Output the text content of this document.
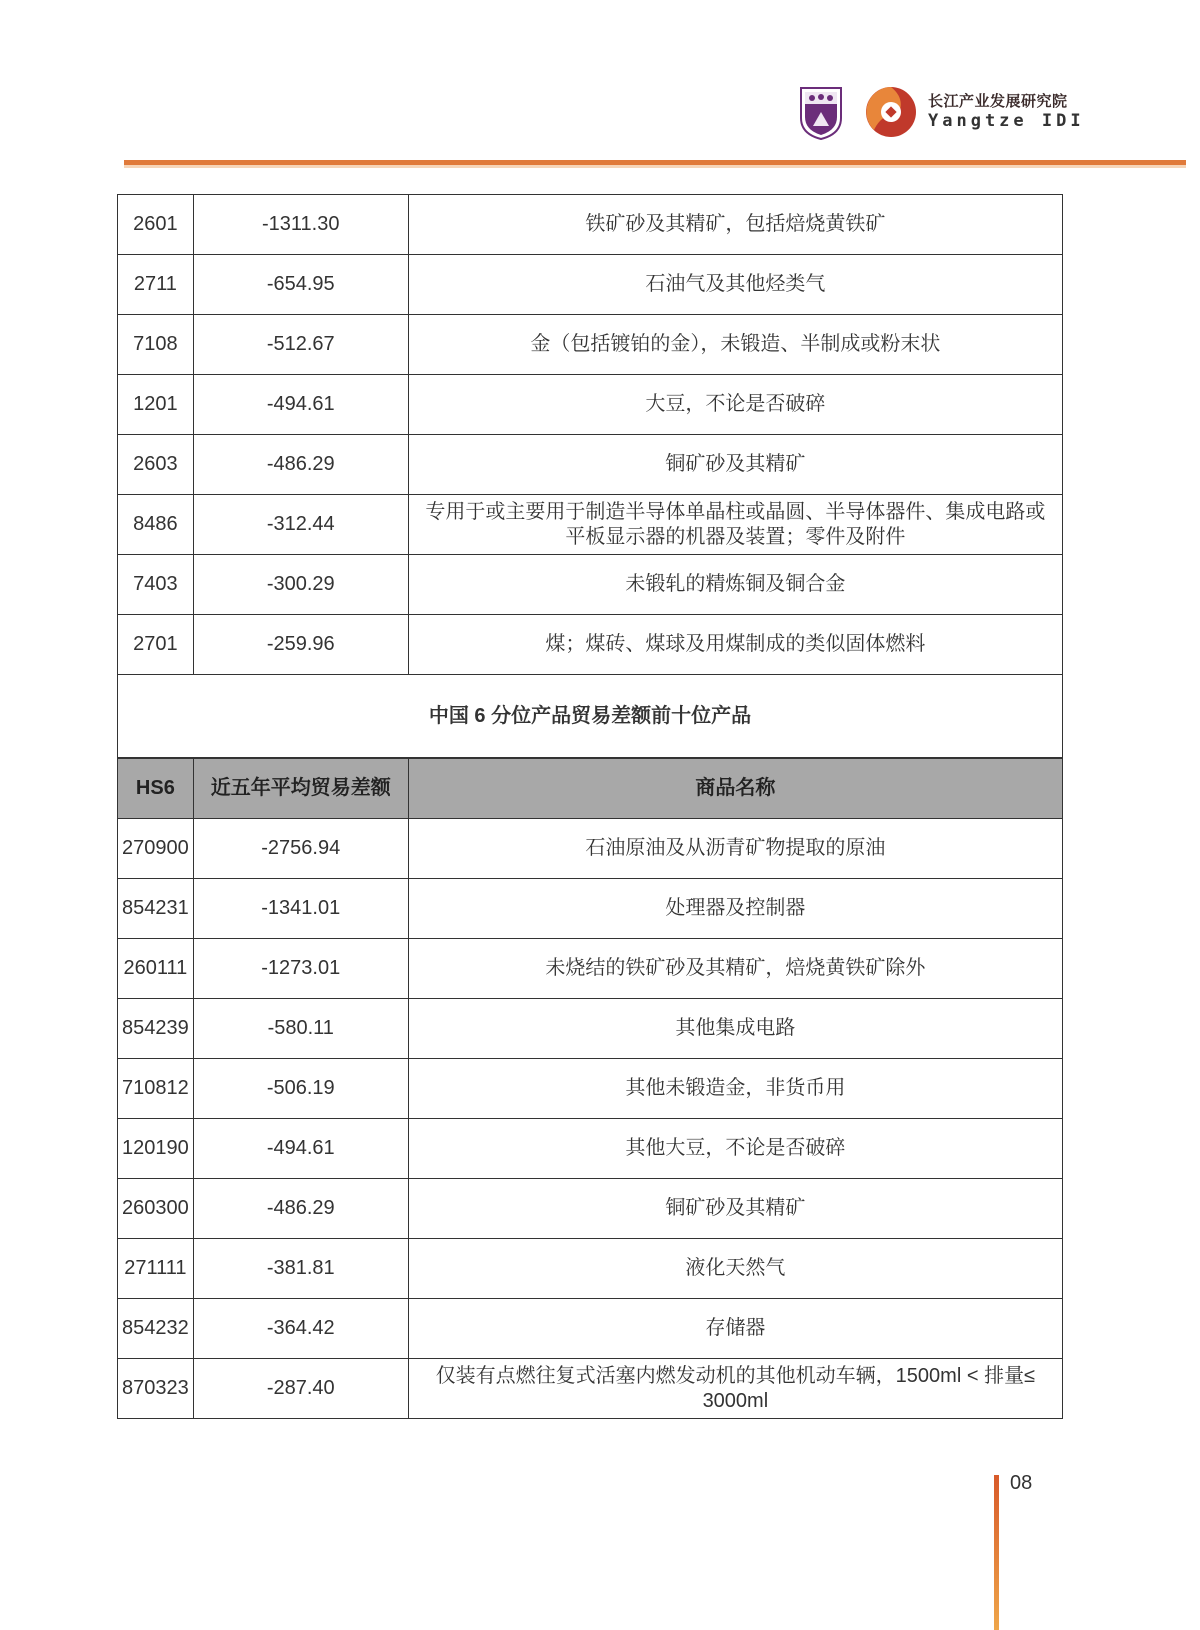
长江产业发展研究院
Yangtze IDI
2601	-1311.30	铁矿砂及其精矿，包括焙烧黄铁矿
2711	-654.95	石油气及其他烃类气
7108	-512.67	金（包括镀铂的金），未锻造、半制成或粉末状
1201	-494.61	大豆，不论是否破碎
2603	-486.29	铜矿砂及其精矿
8486	-312.44	专用于或主要用于制造半导体单晶柱或晶圆、半导体器件、集成电路或平板显示器的机器及装置；零件及附件
7403	-300.29	未锻轧的精炼铜及铜合金
2701	-259.96	煤；煤砖、煤球及用煤制成的类似固体燃料
中国 6 分位产品贸易差额前十位产品		
HS6	近五年平均贸易差额	商品名称
270900	-2756.94	石油原油及从沥青矿物提取的原油
854231	-1341.01	处理器及控制器
260111	-1273.01	未烧结的铁矿砂及其精矿，焙烧黄铁矿除外
854239	-580.11	其他集成电路
710812	-506.19	其他未锻造金，非货币用
120190	-494.61	其他大豆，不论是否破碎
260300	-486.29	铜矿砂及其精矿
271111	-381.81	液化天然气
854232	-364.42	存储器
870323	-287.40	仅装有点燃往复式活塞内燃发动机的其他机动车辆，1500ml < 排量≤ 3000ml
08
